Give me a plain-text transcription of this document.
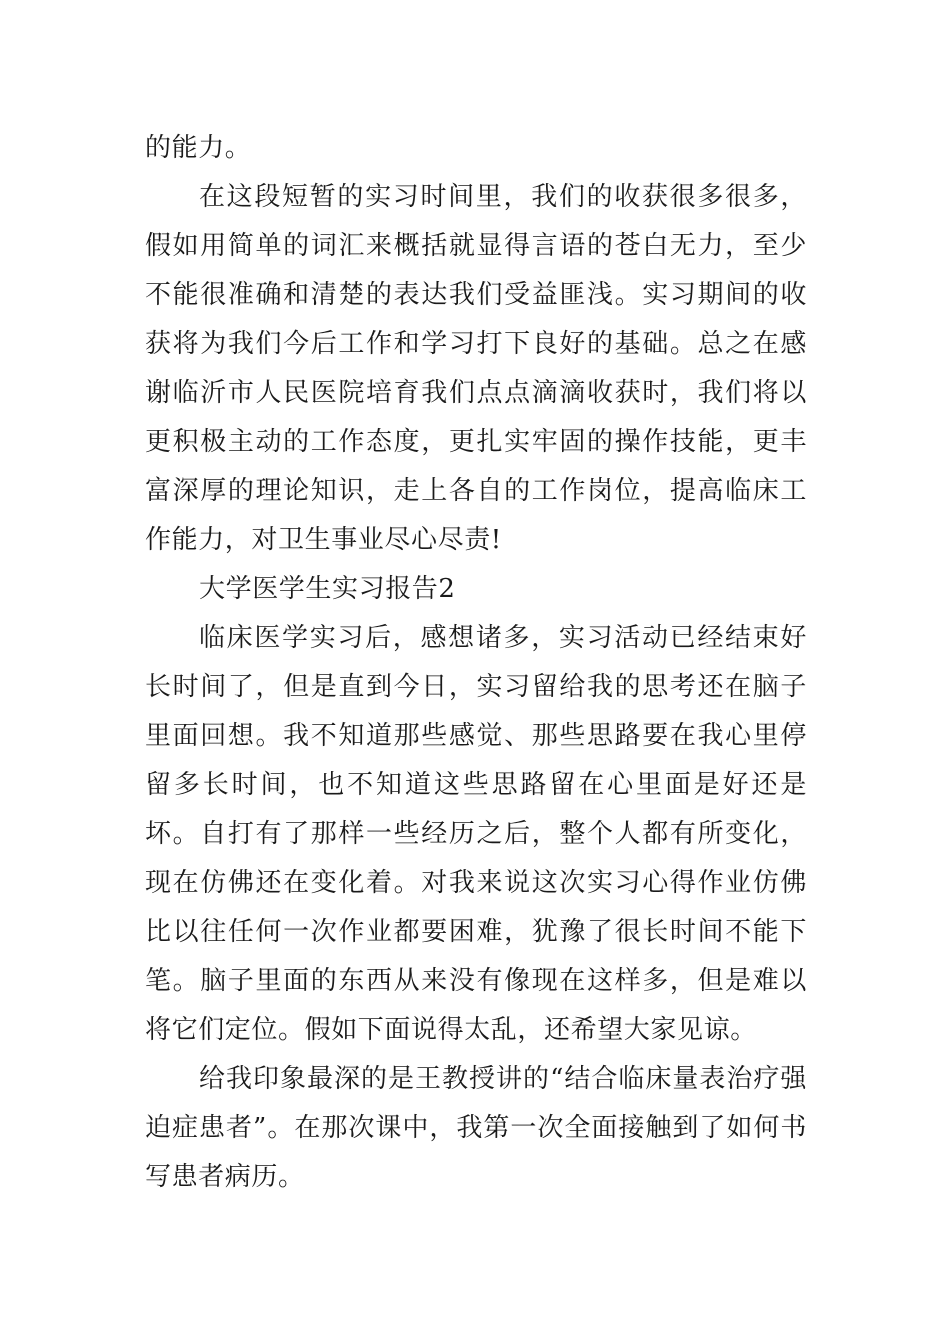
的能力。

在这段短暂的实习时间里，我们的收获很多很多，假如用简单的词汇来概括就显得言语的苍白无力，至少不能很准确和清楚的表达我们受益匪浅。实习期间的收获将为我们今后工作和学习打下良好的基础。总之在感谢临沂市人民医院培育我们点点滴滴收获时，我们将以更积极主动的工作态度，更扎实牢固的操作技能，更丰富深厚的理论知识，走上各自的工作岗位，提高临床工作能力，对卫生事业尽心尽责!

大学医学生实习报告2

临床医学实习后，感想诸多，实习活动已经结束好长时间了，但是直到今日，实习留给我的思考还在脑子里面回想。我不知道那些感觉、那些思路要在我心里停留多长时间，也不知道这些思路留在心里面是好还是坏。自打有了那样一些经历之后，整个人都有所变化，现在仿佛还在变化着。对我来说这次实习心得作业仿佛比以往任何一次作业都要困难，犹豫了很长时间不能下笔。脑子里面的东西从来没有像现在这样多，但是难以将它们定位。假如下面说得太乱，还希望大家见谅。

给我印象最深的是王教授讲的“结合临床量表治疗强迫症患者”。在那次课中，我第一次全面接触到了如何书写患者病历。
